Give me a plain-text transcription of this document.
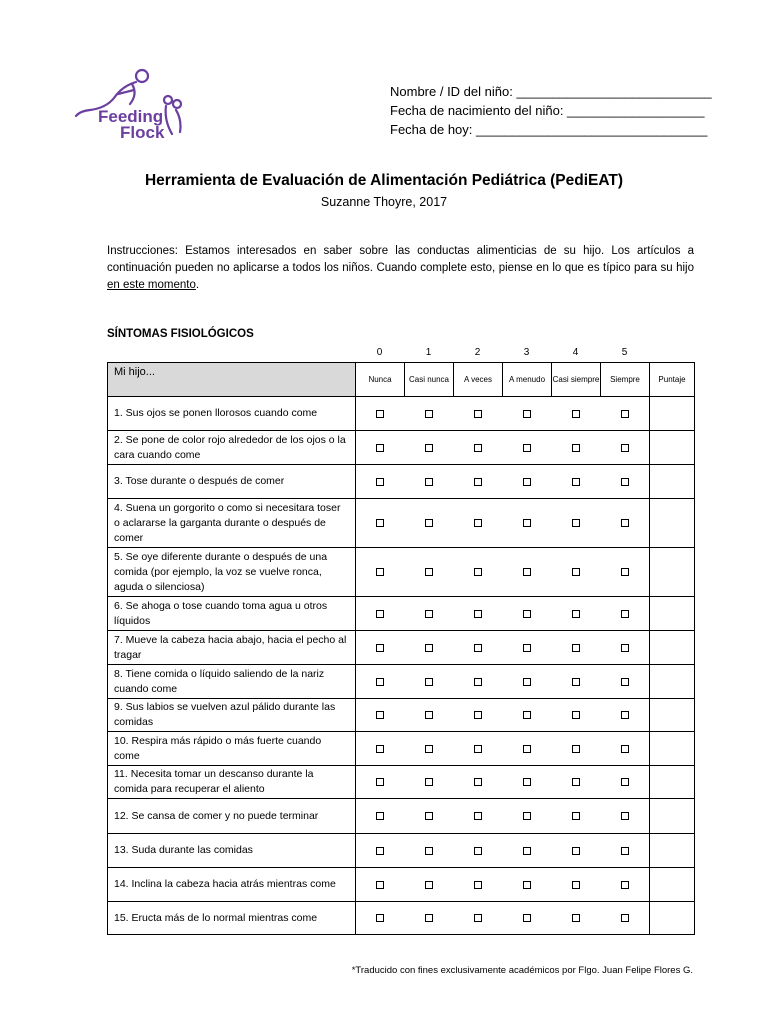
Feeding
Flock
Nombre / ID del niño: ___________________________
Fecha de nacimiento del niño: ___________________
Fecha de hoy: ________________________________
Herramienta de Evaluación de Alimentación Pediátrica (PediEAT)
Suzanne Thoyre, 2017
Instrucciones: Estamos interesados en saber sobre las conductas alimenticias de su hijo. Los artículos a continuación pueden no aplicarse a todos los niños. Cuando complete esto, piense en lo que es típico para su hijo en este momento.
SÍNTOMAS FISIOLÓGICOS
0	1	2	3	4	5
Mi hijo...	Nunca	Casi nunca	A veces	A menudo	Casi siempre	Siempre	Puntaje
1. Sus ojos se ponen llorosos cuando come							
2. Se pone de color rojo alrededor de los ojos o la cara cuando come							
3. Tose durante o después de comer							
4. Suena un gorgorito o como si necesitara toser o aclararse la garganta durante o después de comer							
5. Se oye diferente durante o después de una comida (por ejemplo, la voz se vuelve ronca, aguda o silenciosa)							
6. Se ahoga o tose cuando toma agua u otros líquidos							
7. Mueve la cabeza hacia abajo, hacia el pecho al tragar							
8. Tiene comida o líquido saliendo de la nariz cuando come							
9. Sus labios se vuelven azul pálido durante las comidas							
10. Respira más rápido o más fuerte cuando come							
11. Necesita tomar un descanso durante la comida para recuperar el aliento							
12. Se cansa de comer y no puede terminar							
13. Suda durante las comidas							
14. Inclina la cabeza hacia atrás mientras come							
15. Eructa más de lo normal mientras come							
*Traducido con fines exclusivamente académicos por Flgo. Juan Felipe Flores G.
